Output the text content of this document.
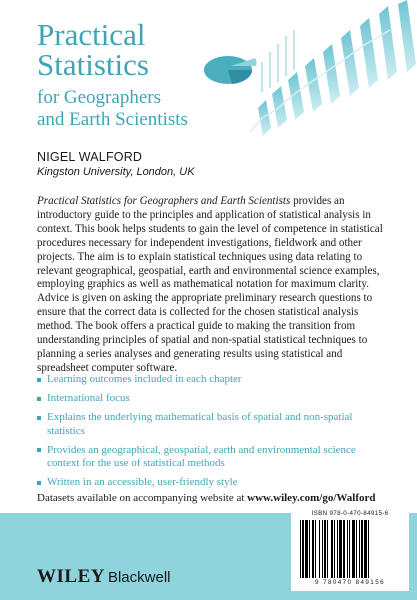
Practical
Statistics
for Geographers
and Earth Scientists
NIGEL WALFORD
Kingston University, London, UK
Practical Statistics for Geographers and Earth Scientists provides an introductory guide to the principles and application of statistical analysis in context. This book helps students to gain the level of competence in statistical procedures necessary for independent investigations, fieldwork and other projects. The aim is to explain statistical techniques using data relating to relevant geographical, geospatial, earth and environmental science examples, employing graphics as well as mathematical notation for maximum clarity. Advice is given on asking the appropriate preliminary research questions to ensure that the correct data is collected for the chosen statistical analysis method. The book offers a practical guide to making the transition from understanding principles of spatial and non-spatial statistical techniques to planning a series analyses and generating results using statistical and spreadsheet computer software.
Learning outcomes included in each chapter
International focus
Explains the underlying mathematical basis of spatial and non-spatial statistics
Provides an geographical, geospatial, earth and environmental science context for the use of statistical methods
Written in an accessible, user-friendly style
Datasets available on accompanying website at www.wiley.com/go/Walford
WILEY Blackwell
ISBN 978-0-470-84915-6
9 780470 849156
